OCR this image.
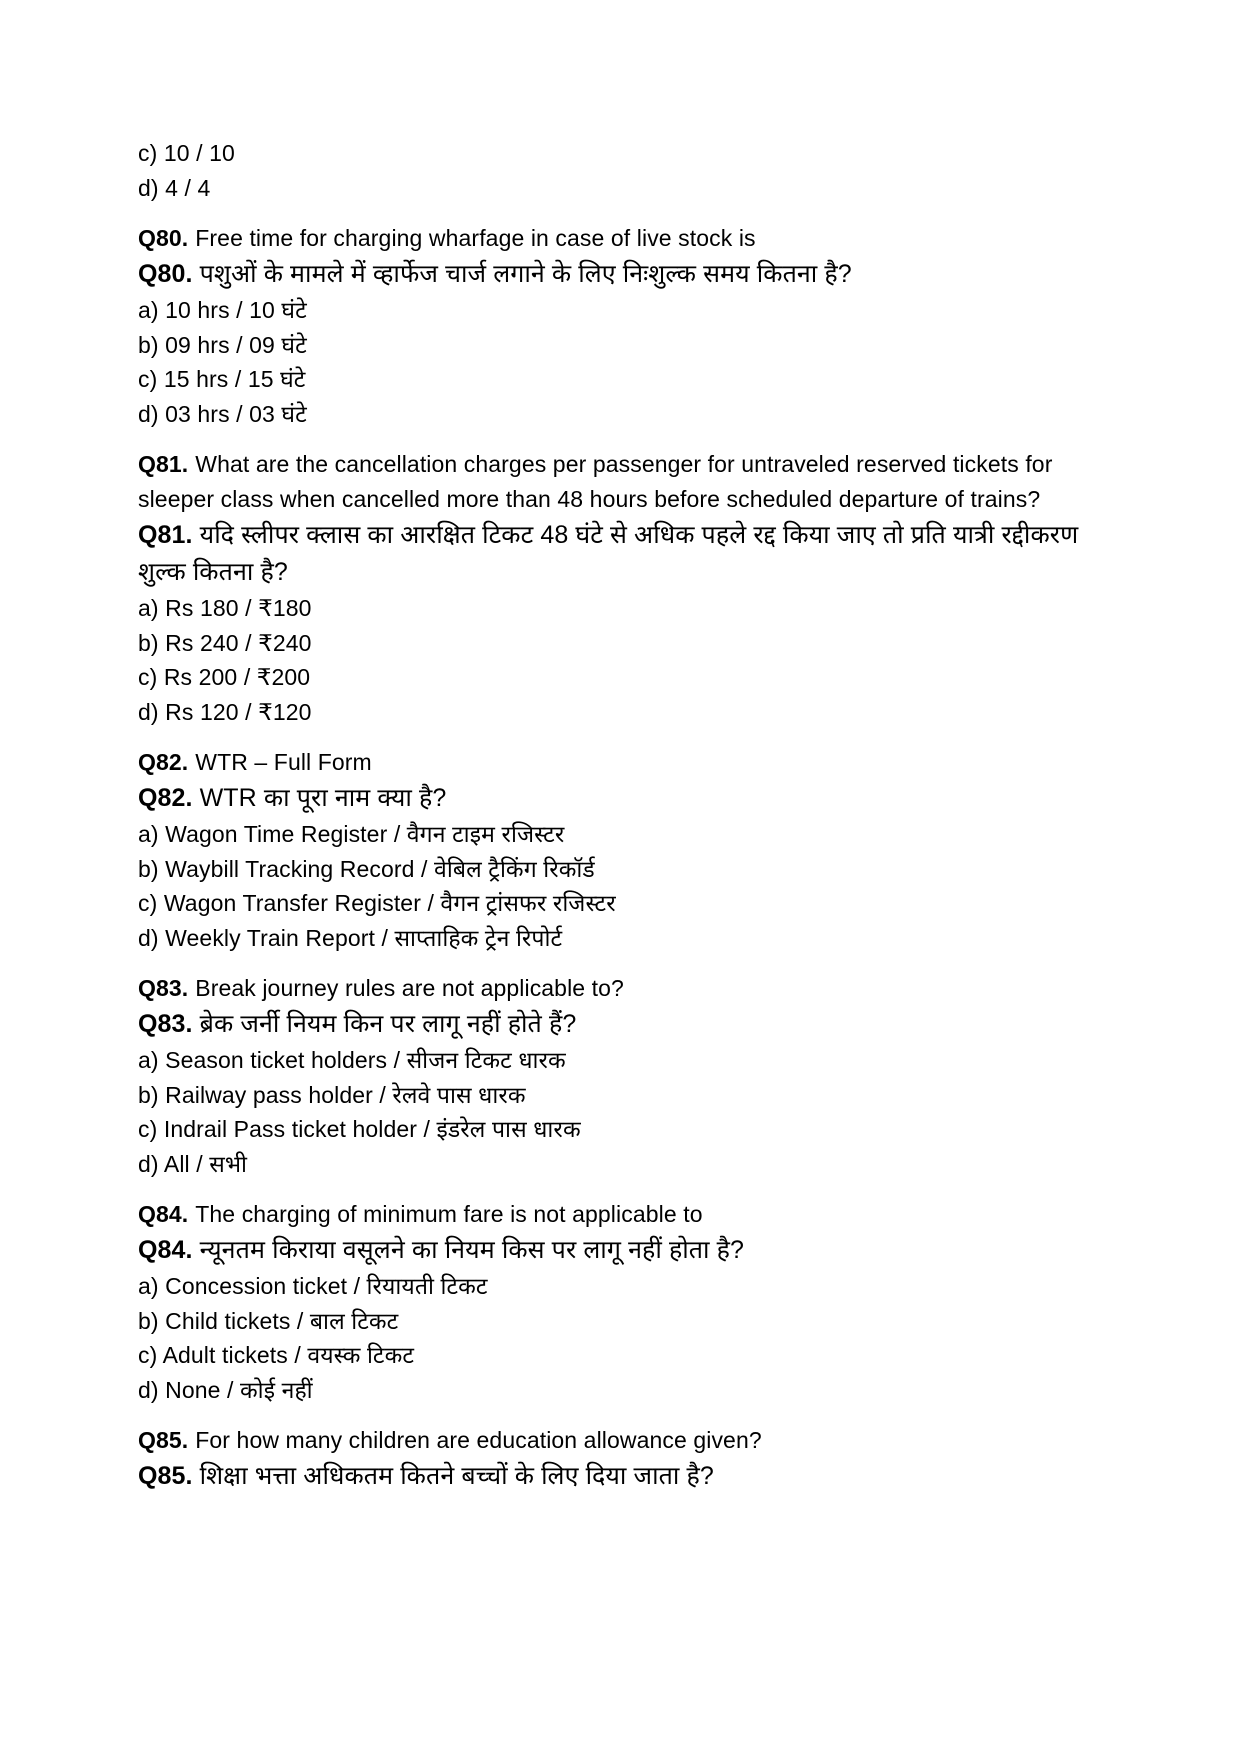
c) 10 / 10

d) 4 / 4

Q80. Free time for charging wharfage in case of live stock is

Q80. पशुओं के मामले में व्हार्फेज चार्ज लगाने के लिए निःशुल्क समय कितना है?

a) 10 hrs / 10 घंटे

b) 09 hrs / 09 घंटे

c) 15 hrs / 15 घंटे

d) 03 hrs / 03 घंटे

Q81. What are the cancellation charges per passenger for untraveled reserved tickets for sleeper class when cancelled more than 48 hours before scheduled departure of trains?

Q81. यदि स्लीपर क्लास का आरक्षित टिकट 48 घंटे से अधिक पहले रद्द किया जाए तो प्रति यात्री रद्दीकरण शुल्क कितना है?

a) Rs 180 / ₹180

b) Rs 240 / ₹240

c) Rs 200 / ₹200

d) Rs 120 / ₹120

Q82. WTR – Full Form

Q82. WTR का पूरा नाम क्या है?

a) Wagon Time Register / वैगन टाइम रजिस्टर

b) Waybill Tracking Record / वेबिल ट्रैकिंग रिकॉर्ड

c) Wagon Transfer Register / वैगन ट्रांसफर रजिस्टर

d) Weekly Train Report / साप्ताहिक ट्रेन रिपोर्ट

Q83. Break journey rules are not applicable to?

Q83. ब्रेक जर्नी नियम किन पर लागू नहीं होते हैं?

a) Season ticket holders / सीजन टिकट धारक

b) Railway pass holder / रेलवे पास धारक

c) Indrail Pass ticket holder / इंडरेल पास धारक

d) All / सभी

Q84. The charging of minimum fare is not applicable to

Q84. न्यूनतम किराया वसूलने का नियम किस पर लागू नहीं होता है?

a) Concession ticket / रियायती टिकट

b) Child tickets / बाल टिकट

c) Adult tickets / वयस्क टिकट

d) None / कोई नहीं

Q85. For how many children are education allowance given?

Q85. शिक्षा भत्ता अधिकतम कितने बच्चों के लिए दिया जाता है?
